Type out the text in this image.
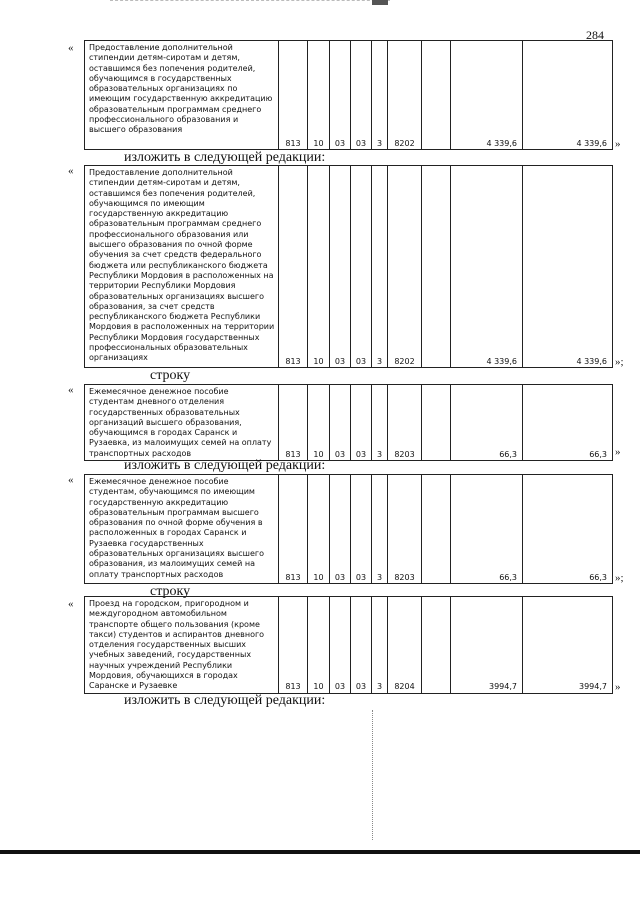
284
« Предоставление дополнительной стипендии детям-сиротам и детям, оставшимся без попечения родителей, обучающимся в государственных образовательных организациях по имеющим государственную аккредитацию образовательным программам среднего профессионального образования и высшего образования	813	10	03	03	3	8202		4 339,6	4 339,6 »
изложить в следующей редакции:
« Предоставление дополнительной стипендии детям-сиротам и детям, оставшимся без попечения родителей, обучающимся по имеющим государственную аккредитацию образовательным программам среднего профессионального образования или высшего образования по очной форме обучения за счет средств федерального бюджета или республиканского бюджета Республики Мордовия в расположенных на территории Республики Мордовия образовательных организациях высшего образования, за счет средств республиканского бюджета Республики Мордовия в расположенных на территории Республики Мордовия государственных профессиональных образовательных организациях	813	10	03	03	3	8202		4 339,6	4 339,6 »;
строку
« Ежемесячное денежное пособие студентам дневного отделения государственных образовательных организаций высшего образования, обучающимся в городах Саранск и Рузаевка, из малоимущих семей на оплату транспортных расходов	813	10	03	03	3	8203		66,3	66,3 »
изложить в следующей редакции:
« Ежемесячное денежное пособие студентам, обучающимся по имеющим государственную аккредитацию образовательным программам высшего образования по очной форме обучения в расположенных в городах Саранск и Рузаевка государственных образовательных организациях высшего образования, из малоимущих семей на оплату транспортных расходов	813	10	03	03	3	8203		66,3	66,3 »;
строку
« Проезд на городском, пригородном и междугородном автомобильном транспорте общего пользования (кроме такси) студентов и аспирантов дневного отделения государственных высших учебных заведений, государственных научных учреждений Республики Мордовия, обучающихся в городах Саранске и Рузаевке	813	10	03	03	3	8204		3994,7	3994,7 »
изложить в следующей редакции:
